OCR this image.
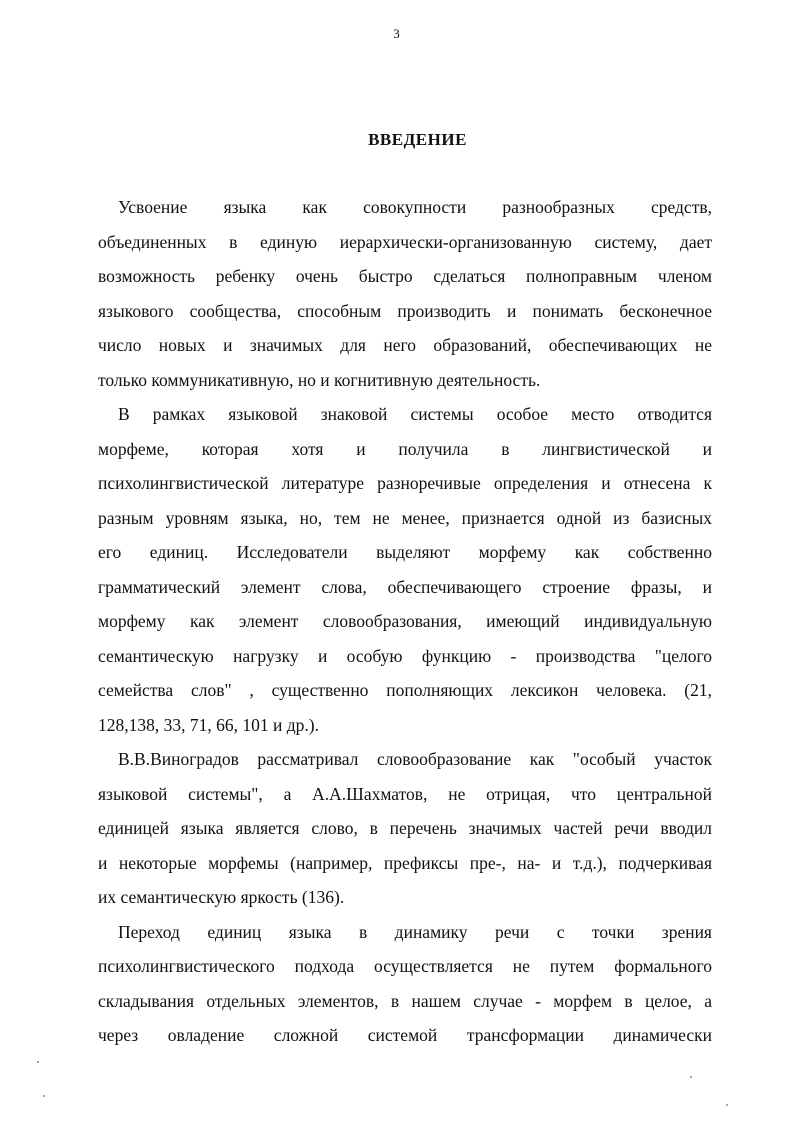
3
ВВЕДЕНИЕ
Усвоение языка как совокупности разнообразных средств,
объединенных в единую иерархически-организованную систему, дает
возможность ребенку очень быстро сделаться полноправным членом
языкового сообщества, способным производить и понимать бесконечное
число новых и значимых для него образований, обеспечивающих не
только коммуникативную, но и когнитивную деятельность.
В рамках языковой знаковой системы особое место отводится
морфеме, которая хотя и получила в лингвистической и
психолингвистической литературе разноречивые определения и отнесена к
разным уровням языка, но, тем не менее, признается одной из базисных
его единиц. Исследователи выделяют морфему как собственно
грамматический элемент слова, обеспечивающего строение фразы, и
морфему как элемент словообразования, имеющий индивидуальную
семантическую нагрузку и особую функцию - производства "целого
семейства слов" , существенно пополняющих лексикон человека. (21,
128,138, 33, 71, 66, 101 и др.).
В.В.Виноградов рассматривал словообразование как "особый участок
языковой системы", а А.А.Шахматов, не отрицая, что центральной
единицей языка является слово, в перечень значимых частей речи вводил
и некоторые морфемы (например, префиксы пре-, на- и т.д.), подчеркивая
их семантическую яркость (136).
Переход единиц языка в динамику речи с точки зрения
психолингвистического подхода осуществляется не путем формального
складывания отдельных элементов, в нашем случае - морфем в целое, а
через овладение сложной системой трансформации динамически
